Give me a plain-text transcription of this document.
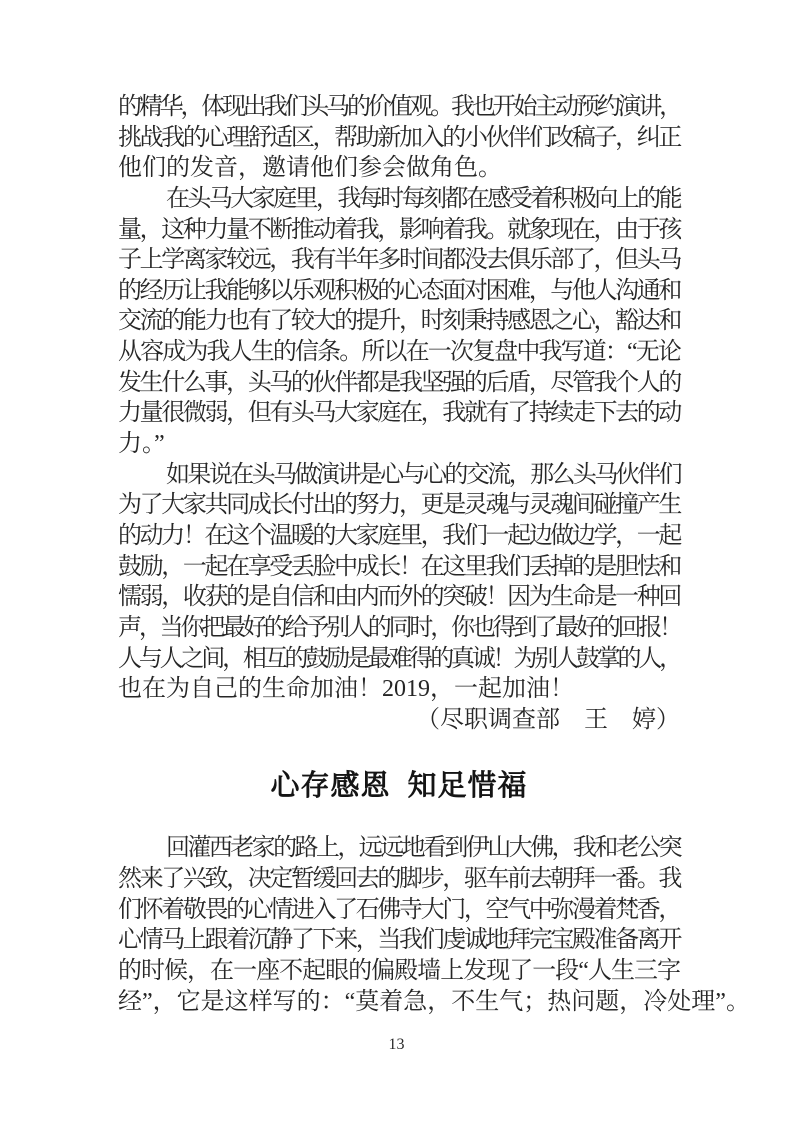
的精华，体现出我们头马的价值观。我也开始主动预约演讲，
挑战我的心理舒适区，帮助新加入的小伙伴们改稿子，纠正
他们的发音，邀请他们参会做角色。
在头马大家庭里，我每时每刻都在感受着积极向上的能
量，这种力量不断推动着我，影响着我。就象现在，由于孩
子上学离家较远，我有半年多时间都没去俱乐部了，但头马
的经历让我能够以乐观积极的心态面对困难，与他人沟通和
交流的能力也有了较大的提升，时刻秉持感恩之心，豁达和
从容成为我人生的信条。所以在一次复盘中我写道：“无论
发生什么事，头马的伙伴都是我坚强的后盾，尽管我个人的
力量很微弱，但有头马大家庭在，我就有了持续走下去的动
力。”
如果说在头马做演讲是心与心的交流，那么头马伙伴们
为了大家共同成长付出的努力，更是灵魂与灵魂间碰撞产生
的动力！在这个温暖的大家庭里，我们一起边做边学，一起
鼓励，一起在享受丢脸中成长！在这里我们丢掉的是胆怯和
懦弱，收获的是自信和由内而外的突破！因为生命是一种回
声，当你把最好的给予别人的同时，你也得到了最好的回报！
人与人之间，相互的鼓励是最难得的真诚！为别人鼓掌的人，
也在为自己的生命加油！2019，一起加油！
（尽职调查部　王　婷）
心存感恩 知足惜福
回灌西老家的路上，远远地看到伊山大佛，我和老公突
然来了兴致，决定暂缓回去的脚步，驱车前去朝拜一番。我
们怀着敬畏的心情进入了石佛寺大门，空气中弥漫着梵香，
心情马上跟着沉静了下来，当我们虔诚地拜完宝殿准备离开
的时候，在一座不起眼的偏殿墙上发现了一段“人生三字
经”，它是这样写的：“莫着急，不生气；热问题，冷处理”。
13
